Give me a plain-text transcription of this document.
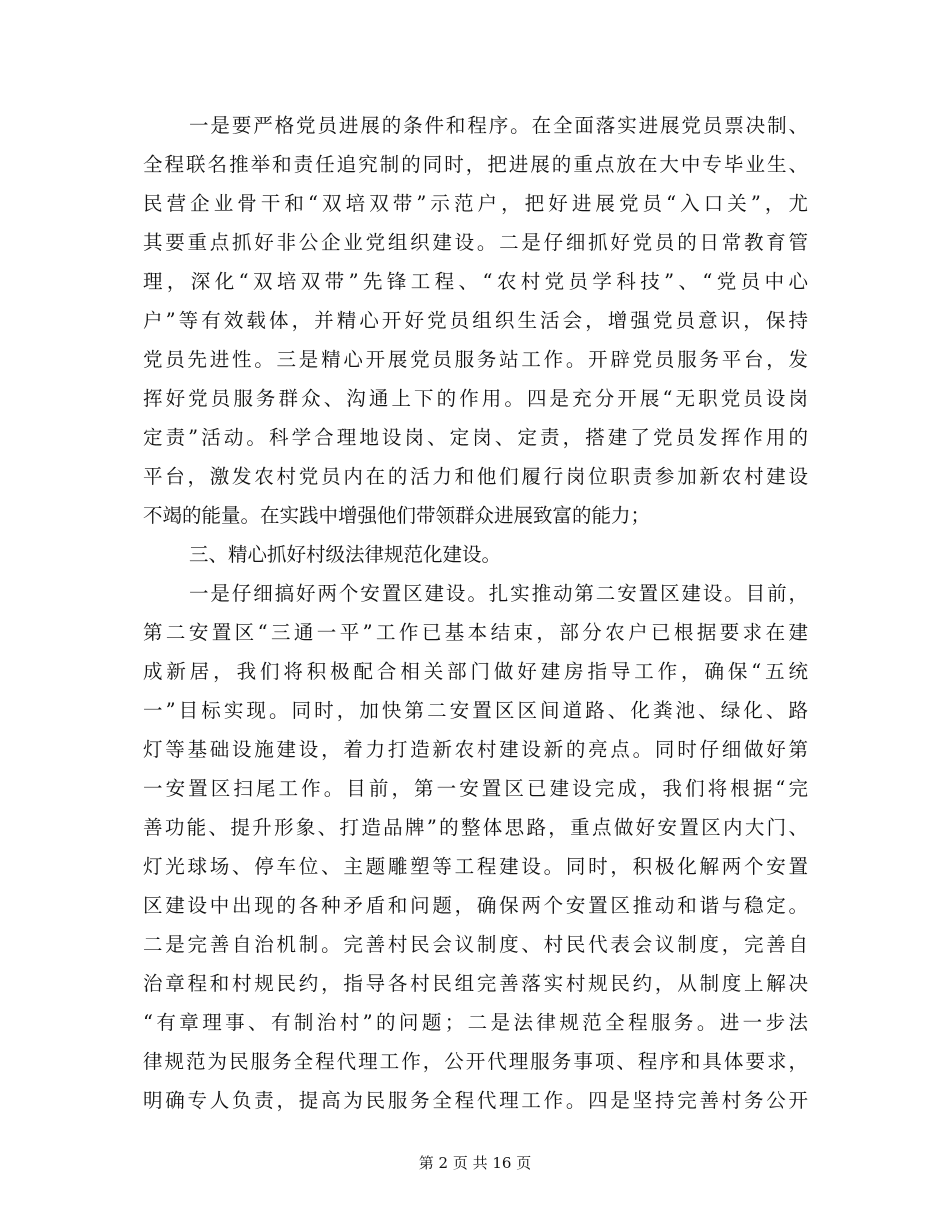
一是要严格党员进展的条件和程序。在全面落实进展党员票决制、
全程联名推举和责任追究制的同时，把进展的重点放在大中专毕业生、
民营企业骨干和“双培双带”示范户，把好进展党员“入口关”，尤
其要重点抓好非公企业党组织建设。二是仔细抓好党员的日常教育管
理，深化“双培双带”先锋工程、“农村党员学科技”、“党员中心
户”等有效载体，并精心开好党员组织生活会，增强党员意识，保持
党员先进性。三是精心开展党员服务站工作。开辟党员服务平台，发
挥好党员服务群众、沟通上下的作用。四是充分开展“无职党员设岗
定责”活动。科学合理地设岗、定岗、定责，搭建了党员发挥作用的
平台，激发农村党员内在的活力和他们履行岗位职责参加新农村建设
不竭的能量。在实践中增强他们带领群众进展致富的能力；
三、精心抓好村级法律规范化建设。
一是仔细搞好两个安置区建设。扎实推动第二安置区建设。目前，
第二安置区“三通一平”工作已基本结束，部分农户已根据要求在建
成新居，我们将积极配合相关部门做好建房指导工作，确保“五统
一”目标实现。同时，加快第二安置区区间道路、化粪池、绿化、路
灯等基础设施建设，着力打造新农村建设新的亮点。同时仔细做好第
一安置区扫尾工作。目前，第一安置区已建设完成，我们将根据“完
善功能、提升形象、打造品牌”的整体思路，重点做好安置区内大门、
灯光球场、停车位、主题雕塑等工程建设。同时，积极化解两个安置
区建设中出现的各种矛盾和问题，确保两个安置区推动和谐与稳定。
二是完善自治机制。完善村民会议制度、村民代表会议制度，完善自
治章程和村规民约，指导各村民组完善落实村规民约，从制度上解决
“有章理事、有制治村”的问题；二是法律规范全程服务。进一步法
律规范为民服务全程代理工作，公开代理服务事项、程序和具体要求，
明确专人负责，提高为民服务全程代理工作。四是坚持完善村务公开
第 2 页 共 16 页
